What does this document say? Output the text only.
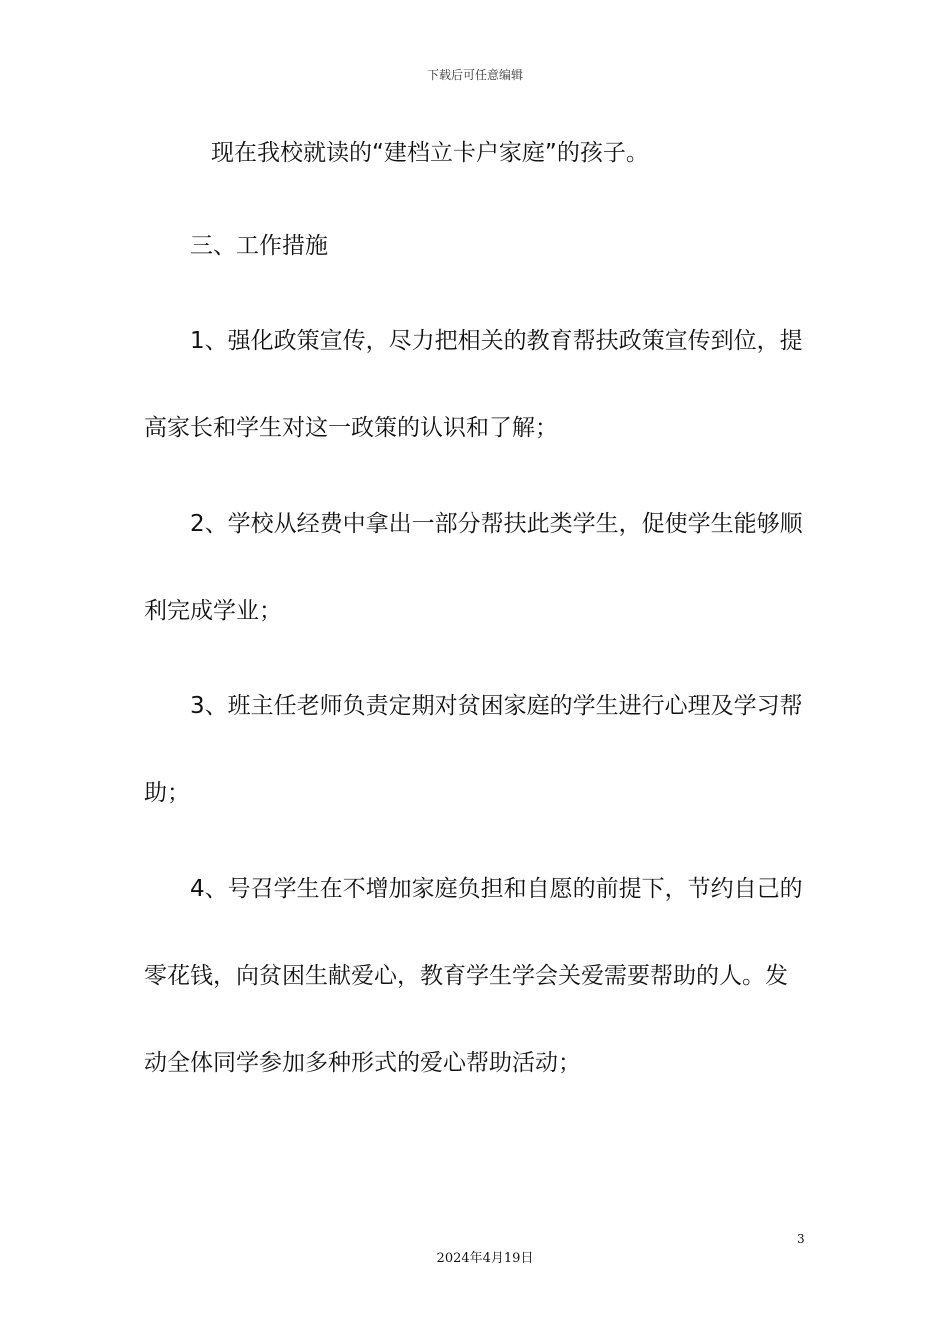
下载后可任意编辑
现在我校就读的“建档立卡户家庭”的孩子。
三、工作措施
1、强化政策宣传，尽力把相关的教育帮扶政策宣传到位，提
高家长和学生对这一政策的认识和了解；
2、学校从经费中拿出一部分帮扶此类学生，促使学生能够顺
利完成学业；
3、班主任老师负责定期对贫困家庭的学生进行心理及学习帮
助；
4、号召学生在不增加家庭负担和自愿的前提下，节约自己的
零花钱，向贫困生献爱心，教育学生学会关爱需要帮助的人。发
动全体同学参加多种形式的爱心帮助活动；
3
2024年4月19日
